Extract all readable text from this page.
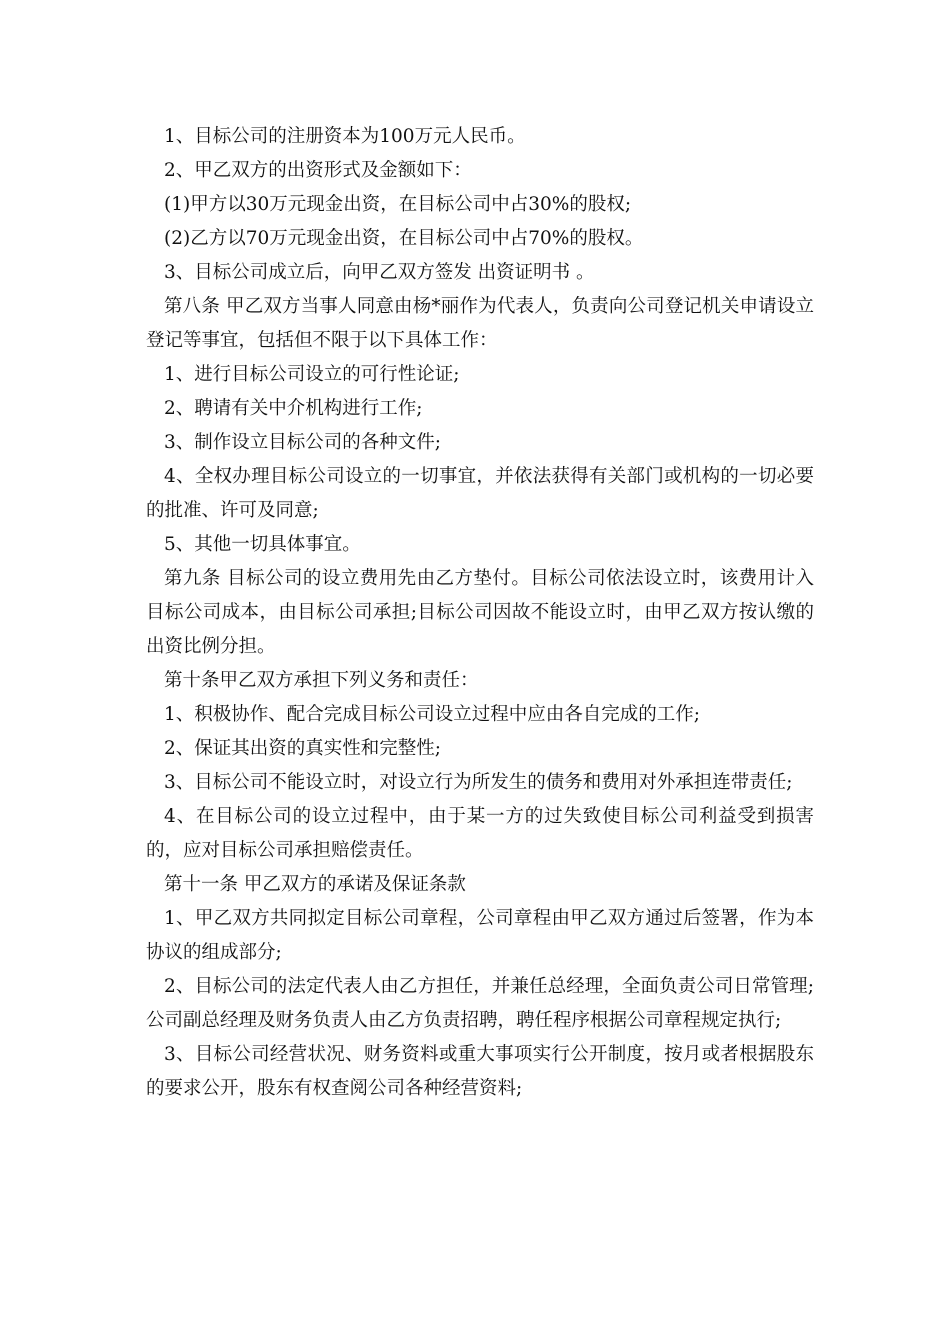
1、目标公司的注册资本为100万元人民币。

2、甲乙双方的出资形式及金额如下：

(1)甲方以30万元现金出资，在目标公司中占30%的股权;

(2)乙方以70万元现金出资，在目标公司中占70%的股权。

3、目标公司成立后，向甲乙双方签发 出资证明书 。

第八条 甲乙双方当事人同意由杨*丽作为代表人，负责向公司登记机关申请设立登记等事宜，包括但不限于以下具体工作：

1、进行目标公司设立的可行性论证;

2、聘请有关中介机构进行工作;

3、制作设立目标公司的各种文件;

4、全权办理目标公司设立的一切事宜，并依法获得有关部门或机构的一切必要的批准、许可及同意;

5、其他一切具体事宜。

第九条 目标公司的设立费用先由乙方垫付。目标公司依法设立时，该费用计入目标公司成本，由目标公司承担;目标公司因故不能设立时，由甲乙双方按认缴的出资比例分担。

第十条甲乙双方承担下列义务和责任：

1、积极协作、配合完成目标公司设立过程中应由各自完成的工作;

2、保证其出资的真实性和完整性;

3、目标公司不能设立时，对设立行为所发生的债务和费用对外承担连带责任;

4、在目标公司的设立过程中，由于某一方的过失致使目标公司利益受到损害的，应对目标公司承担赔偿责任。

第十一条 甲乙双方的承诺及保证条款

1、甲乙双方共同拟定目标公司章程，公司章程由甲乙双方通过后签署，作为本协议的组成部分;

2、目标公司的法定代表人由乙方担任，并兼任总经理，全面负责公司日常管理;公司副总经理及财务负责人由乙方负责招聘，聘任程序根据公司章程规定执行;

3、目标公司经营状况、财务资料或重大事项实行公开制度，按月或者根据股东的要求公开，股东有权查阅公司各种经营资料;
